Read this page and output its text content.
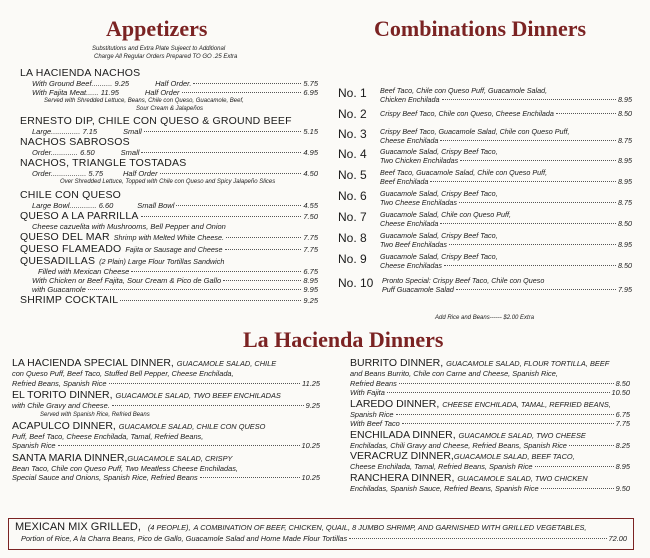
Appetizers
Substitutions and Extra Plate Sujeect to Additional
Charge All Regular Orders Prepared TO GO .25 Extra
LA HACIENDA NACHOS
With Ground Beef.......... 9.25	Half Order.	5.75
With Fajita Meat...... 11.95	Half Order	6.95
Served with Shredded Lettuce, Beans, Chile con Queso, Guacamole, Beef,
Sour Cream & Jalapeños
ERNESTO DIP, CHILE CON QUESO & GROUND BEEF
Large.............. 7.15	Small	5.15
NACHOS SABROSOS
Order............. 6.50	Small	4.95
NACHOS, TRIANGLE TOSTADAS
Order................. 5.75	Half Order	4.50
Over Shredded Lettuce, Topped with Chile con Queso and Spicy Jalapeño Slices
CHILE CON QUESO
Large Bowl............. 6.60	Small Bowl	4.55
QUESO A LA PARRILLA	7.50
Cheese cazuelita with Mushrooms, Bell Pepper and Onion
QUESO DEL MAR Shrimp with Melted White Cheese.	7.75
QUESO FLAMEADO Fajita or Sausage and Cheese	7.75
QUESADILLAS (2 Plain) Large Flour Tortillas Sandwich
Filled with Mexican Cheese	6.75
With Chicken or Beef Fajita, Sour Cream & Pico de Gallo	8.95
with Guacamole	9.95
SHRIMP COCKTAIL	9.25
Combinations Dinners
No. 1	Beef Taco, Chile con Queso Puff, Guacamole Salad,
Chicken Enchilada	8.95
No. 2	Crispy Beef Taco, Chile con Queso, Cheese Enchilada	8.50
No. 3	Crispy Beef Taco, Guacamole Salad, Chile con Queso Puff,
Cheese Enchilada	8.75
No. 4	Guacamole Salad, Crispy Beef Taco,
Two Chicken Enchiladas	8.95
No. 5	Beef Taco, Guacamole Salad, Chile con Queso Puff,
Beef Enchilada	8.95
No. 6	Guacamole Salad, Crispy Beef Taco,
Two Cheese Enchiladas	8.75
No. 7	Guacamole Salad, Chile con Queso Puff,
Cheese Enchilada	8.50
No. 8	Guacamole Salad, Crispy Beef Taco,
Two Beef Enchiladas	8.95
No. 9	Guacamole Salad, Crispy Beef Taco,
Cheese Enchiladas	8.50
No. 10	Pronto Special: Crispy Beef Taco, Chile con Queso
Puff Guacamole Salad	7.95
Add Rice and Beans------ $2.00 Extra
La Hacienda Dinners
LA HACIENDA SPECIAL DINNER, GUACAMOLE SALAD, CHILE
con Queso Puff, Beef Taco, Stuffed Bell Pepper, Cheese Enchilada,
Refried Beans, Spanish Rice	11.25
EL TORITO DINNER, GUACAMOLE SALAD, TWO BEEF ENCHILADAS
with Chile Gravy and Cheese.	9.25
Served with Spanish Rice, Refried Beans
ACAPULCO DINNER, GUACAMOLE SALAD, CHILE CON QUESO
Puff, Beef Taco, Cheese Enchilada, Tamal, Refried Beans,
Spanish Rice	10.25
SANTA MARIA DINNER,GUACAMOLE SALAD, CRISPY
Bean Taco, Chile con Queso Puff, Two Meatless Cheese Enchiladas,
Special Sauce and Onions, Spanish Rice, Refried Beans	10.25
BURRITO DINNER, GUACAMOLE SALAD, FLOUR TORTILLA, BEEF
and Beans Burrito, Chile con Carne and Cheese, Spanish Rice,
Refried Beans	8.50
With Fajita	10.50
LAREDO DINNER, CHEESE ENCHILADA, TAMAL, REFRIED BEANS,
Spanish Rice	6.75
With Beef Taco	7.75
ENCHILADA DINNER, GUACAMOLE SALAD, TWO CHEESE
Enchiladas, Chili Gravy and Cheese, Refried Beans, Spanish Rice	8.25
VERACRUZ DINNER,GUACAMOLE SALAD, BEEF TACO,
Cheese Enchilada, Tamal, Refried Beans, Spanish Rice	8.95
RANCHERA DINNER, GUACAMOLE SALAD, TWO CHICKEN
Enchiladas, Spanish Sauce, Refried Beans, Spanish Rice	9.50
MEXICAN MIX GRILLED, (4 PEOPLE), A COMBINATION OF BEEF, CHICKEN, QUAIL, 8 JUMBO SHRIMP, AND GARNISHED WITH GRILLED VEGETABLES,
Portion of Rice, A la Charra Beans, Pico de Gallo, Guacamole Salad and Home Made Flour Tortillas	72.00
